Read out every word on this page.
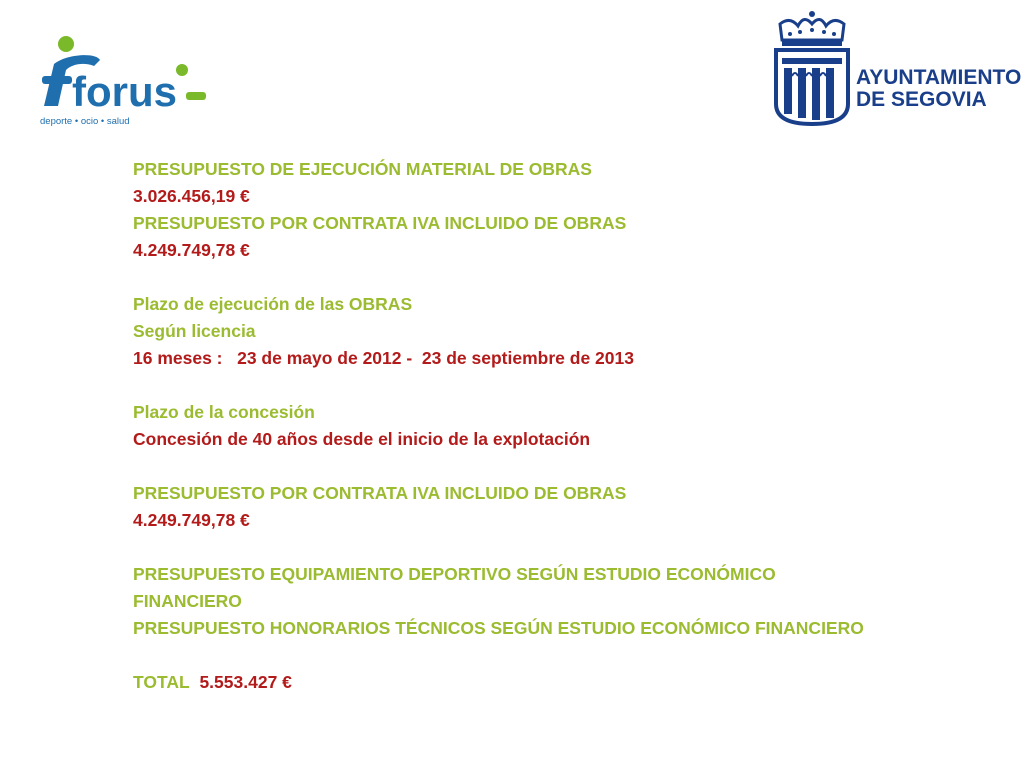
forus
deporte • ocio • salud
AYUNTAMIENTO
DE SEGOVIA
PRESUPUESTO DE EJECUCIÓN MATERIAL DE OBRAS
3.026.456,19 €
PRESUPUESTO POR CONTRATA IVA INCLUIDO DE OBRAS
4.249.749,78 €
Plazo de ejecución de las OBRAS
Según licencia
16 meses :   23 de mayo de 2012 -  23 de septiembre de 2013
Plazo de la concesión
Concesión de 40 años desde el inicio de la explotación
PRESUPUESTO POR CONTRATA IVA INCLUIDO DE OBRAS
4.249.749,78 €
PRESUPUESTO EQUIPAMIENTO DEPORTIVO SEGÚN ESTUDIO ECONÓMICO FINANCIERO
PRESUPUESTO HONORARIOS TÉCNICOS SEGÚN ESTUDIO ECONÓMICO FINANCIERO
TOTAL 5.553.427 €
